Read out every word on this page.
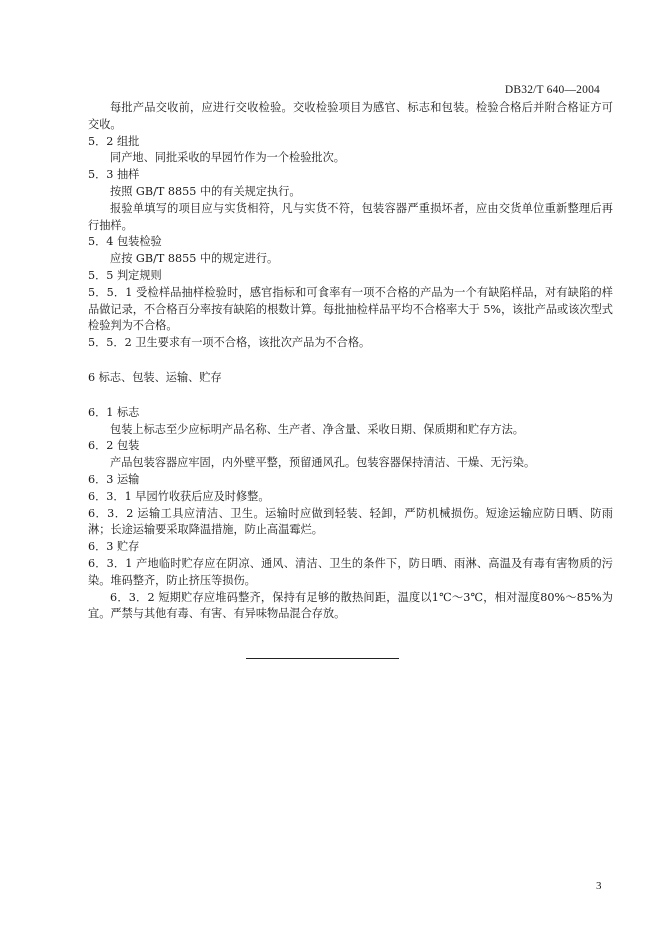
DB32/T 640—2004

每批产品交收前，应进行交收检验。交收检验项目为感官、标志和包装。检验合格后并附合格证方可交收。

5．2 组批

同产地、同批采收的早园竹作为一个检验批次。

5．3 抽样

按照 GB/T 8855 中的有关规定执行。

报验单填写的项目应与实货相符，凡与实货不符，包装容器严重损坏者，应由交货单位重新整理后再行抽样。

5．4 包装检验

应按 GB/T 8855 中的规定进行。

5．5 判定规则

5．5．1 受检样品抽样检验时，感官指标和可食率有一项不合格的产品为一个有缺陷样品，对有缺陷的样品做记录，不合格百分率按有缺陷的根数计算。每批抽检样品平均不合格率大于 5%，该批产品或该次型式检验判为不合格。

5．5．2 卫生要求有一项不合格，该批次产品为不合格。

6 标志、包装、运输、贮存

6．1 标志

包装上标志至少应标明产品名称、生产者、净含量、采收日期、保质期和贮存方法。

6．2 包装

产品包装容器应牢固，内外壁平整，预留通风孔。包装容器保持清洁、干燥、无污染。

6．3 运输

6．3．1 早园竹收获后应及时修整。

6．3．2 运输工具应清洁、卫生。运输时应做到轻装、轻卸，严防机械损伤。短途运输应防日晒、防雨淋；长途运输要采取降温措施，防止高温霉烂。

6．3 贮存

6．3．1 产地临时贮存应在阴凉、通风、清洁、卫生的条件下，防日晒、雨淋、高温及有毒有害物质的污染。堆码整齐，防止挤压等损伤。

6．3．2 短期贮存应堆码整齐，保持有足够的散热间距，温度以1℃～3℃，相对湿度80%～85%为宜。严禁与其他有毒、有害、有异味物品混合存放。

3
